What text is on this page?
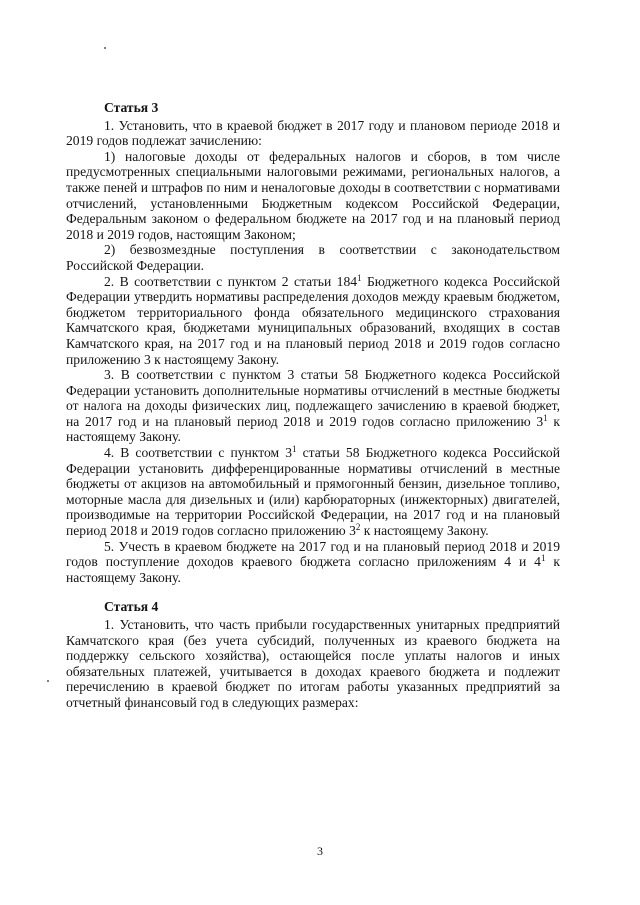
Статья 3

1. Установить, что в краевой бюджет в 2017 году и плановом периоде 2018 и 2019 годов подлежат зачислению:

1) налоговые доходы от федеральных налогов и сборов, в том числе предусмотренных специальными налоговыми режимами, региональных налогов, а также пеней и штрафов по ним и неналоговые доходы в соответствии с нормативами отчислений, установленными Бюджетным кодексом Российской Федерации, Федеральным законом о федеральном бюджете на 2017 год и на плановый период 2018 и 2019 годов, настоящим Законом;

2) безвозмездные поступления в соответствии с законодательством Российской Федерации.

2. В соответствии с пунктом 2 статьи $184^1$ Бюджетного кодекса Российской Федерации утвердить нормативы распределения доходов между краевым бюджетом, бюджетом территориального фонда обязательного медицинского страхования Камчатского края, бюджетами муниципальных образований, входящих в состав Камчатского края, на 2017 год и на плановый период 2018 и 2019 годов согласно приложению 3 к настоящему Закону.

3. В соответствии с пунктом 3 статьи 58 Бюджетного кодекса Российской Федерации установить дополнительные нормативы отчислений в местные бюджеты от налога на доходы физических лиц, подлежащего зачислению в краевой бюджет, на 2017 год и на плановый период 2018 и 2019 годов согласно приложению $3^1$ к настоящему Закону.

4. В соответствии с пунктом $3^1$ статьи 58 Бюджетного кодекса Российской Федерации установить дифференцированные нормативы отчислений в местные бюджеты от акцизов на автомобильный и прямогонный бензин, дизельное топливо, моторные масла для дизельных и (или) карбюраторных (инжекторных) двигателей, производимые на территории Российской Федерации, на 2017 год и на плановый период 2018 и 2019 годов согласно приложению $3^2$ к настоящему Закону.

5. Учесть в краевом бюджете на 2017 год и на плановый период 2018 и 2019 годов поступление доходов краевого бюджета согласно приложениям 4 и $4^1$ к настоящему Закону.

Статья 4

1. Установить, что часть прибыли государственных унитарных предприятий Камчатского края (без учета субсидий, полученных из краевого бюджета на поддержку сельского хозяйства), остающейся после уплаты налогов и иных обязательных платежей, учитывается в доходах краевого бюджета и подлежит перечислению в краевой бюджет по итогам работы указанных предприятий за отчетный финансовый год в следующих размерах:

3
